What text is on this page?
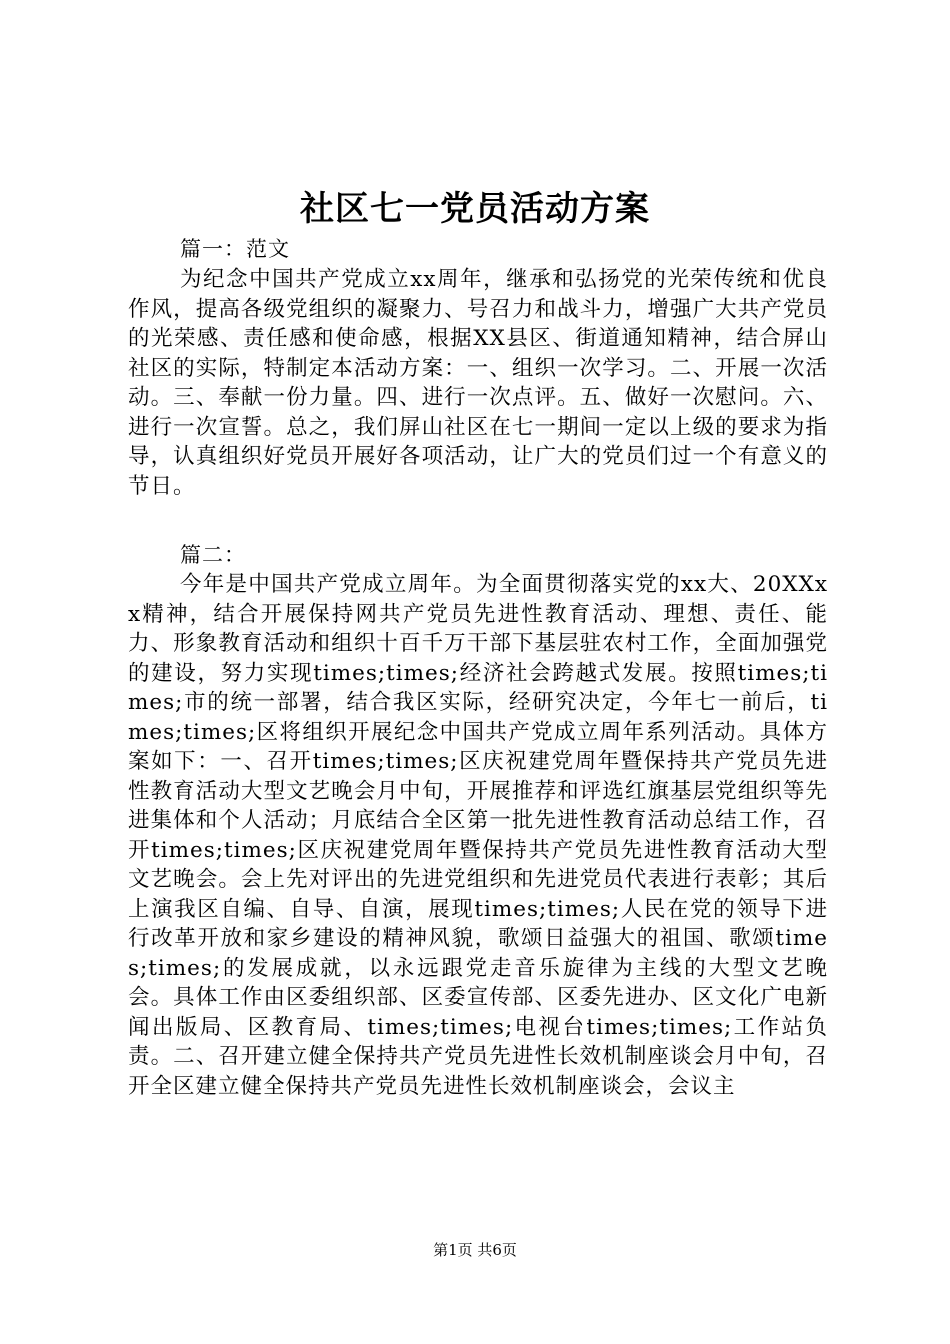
社区七一党员活动方案
篇一：范文

为纪念中国共产党成立xx周年，继承和弘扬党的光荣传统和优良作风，提高各级党组织的凝聚力、号召力和战斗力，增强广大共产党员的光荣感、责任感和使命感，根据XX县区、街道通知精神，结合屏山社区的实际，特制定本活动方案：一、组织一次学习。二、开展一次活动。三、奉献一份力量。四、进行一次点评。五、做好一次慰问。六、进行一次宣誓。总之，我们屏山社区在七一期间一定以上级的要求为指导，认真组织好党员开展好各项活动，让广大的党员们过一个有意义的节日。

篇二：

今年是中国共产党成立周年。为全面贯彻落实党的xx大、20XXxx精神，结合开展保持网共产党员先进性教育活动、理想、责任、能力、形象教育活动和组织十百千万干部下基层驻农村工作，全面加强党的建设，努力实现times;times;经济社会跨越式发展。按照times;times;市的统一部署，结合我区实际，经研究决定，今年七一前后，times;times;区将组织开展纪念中国共产党成立周年系列活动。具体方案如下：一、召开times;times;区庆祝建党周年暨保持共产党员先进性教育活动大型文艺晚会月中旬，开展推荐和评选红旗基层党组织等先进集体和个人活动；月底结合全区第一批先进性教育活动总结工作，召开times;times;区庆祝建党周年暨保持共产党员先进性教育活动大型文艺晚会。会上先对评出的先进党组织和先进党员代表进行表彰；其后上演我区自编、自导、自演，展现times;times;人民在党的领导下进行改革开放和家乡建设的精神风貌，歌颂日益强大的祖国、歌颂times;times;的发展成就，以永远跟党走音乐旋律为主线的大型文艺晚会。具体工作由区委组织部、区委宣传部、区委先进办、区文化广电新闻出版局、区教育局、times;times;电视台times;times;工作站负责。二、召开建立健全保持共产党员先进性长效机制座谈会月中旬，召开全区建立健全保持共产党员先进性长效机制座谈会，会议主

第1页 共6页
